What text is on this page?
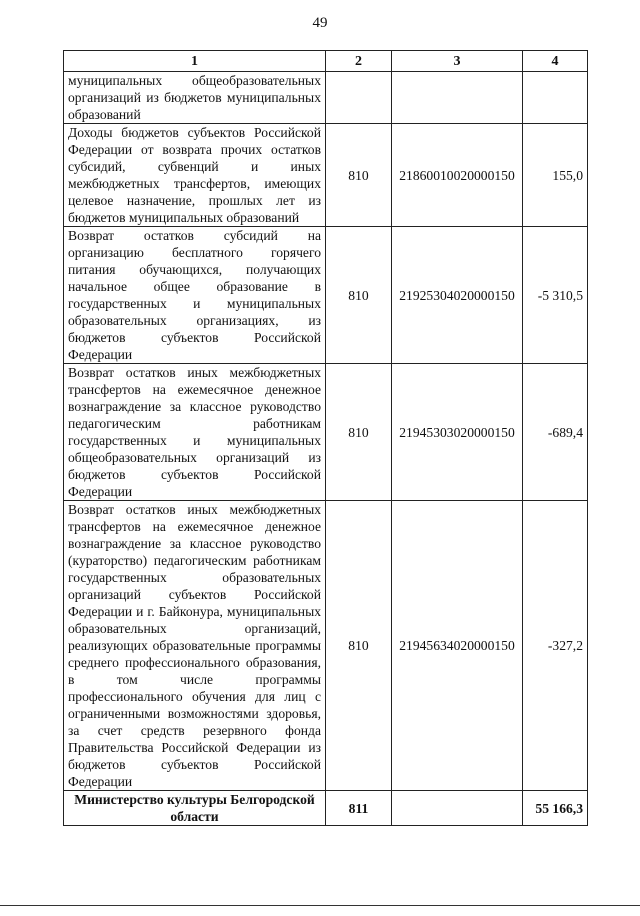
49
1	2	3	4
муниципальных общеобразовательных организаций из бюджетов муниципальных образований			
Доходы бюджетов субъектов Российской Федерации от возврата прочих остатков субсидий, субвенций и иных межбюджетных трансфертов, имеющих целевое назначение, прошлых лет из бюджетов муниципальных образований	810	21860010020000150	155,0
Возврат остатков субсидий на организацию бесплатного горячего питания обучающихся, получающих начальное общее образование в государственных и муниципальных образовательных организациях, из бюджетов субъектов Российской Федерации	810	21925304020000150	-5 310,5
Возврат остатков иных межбюджетных трансфертов на ежемесячное денежное вознаграждение за классное руководство педагогическим работникам государственных и муниципальных общеобразовательных организаций из бюджетов субъектов Российской Федерации	810	21945303020000150	-689,4
Возврат остатков иных межбюджетных трансфертов на ежемесячное денежное вознаграждение за классное руководство (кураторство) педагогическим работникам государственных образовательных организаций субъектов Российской Федерации и г. Байконура, муниципальных образовательных организаций, реализующих образовательные программы среднего профессионального образования, в том числе программы профессионального обучения для лиц с ограниченными возможностями здоровья, за счет средств резервного фонда Правительства Российской Федерации из бюджетов субъектов Российской Федерации	810	21945634020000150	-327,2
Министерство культуры Белгородской области	811		55 166,3
